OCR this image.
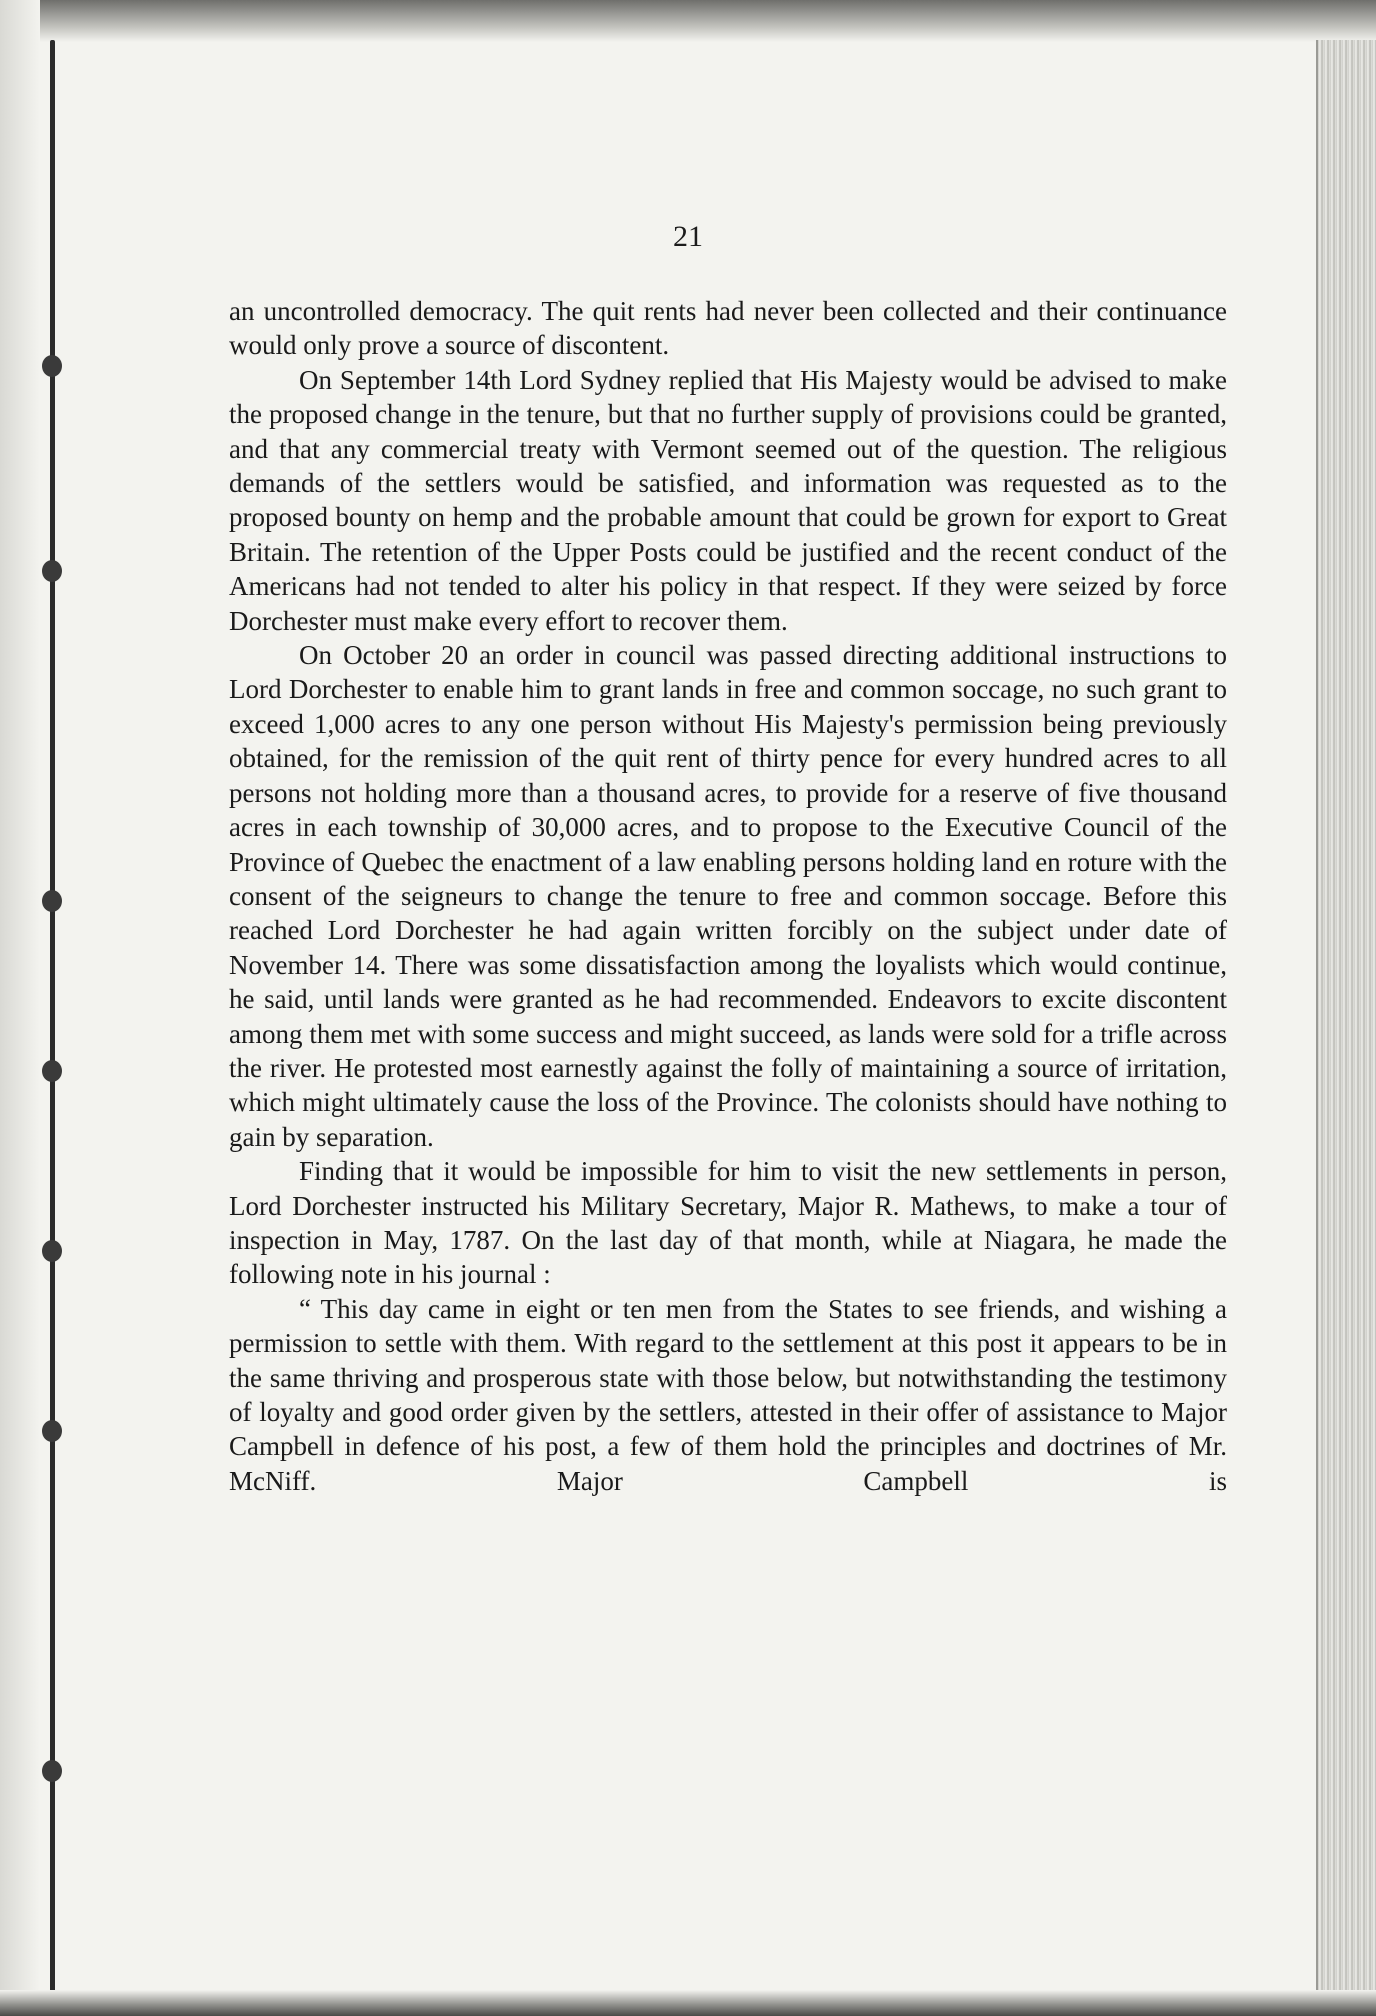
21

an uncontrolled democracy. The quit rents had never been collected and their continuance would only prove a source of discontent.

On September 14th Lord Sydney replied that His Majesty would be advised to make the proposed change in the tenure, but that no further supply of provisions could be granted, and that any commercial treaty with Vermont seemed out of the question. The religious demands of the settlers would be satisfied, and information was requested as to the proposed bounty on hemp and the probable amount that could be grown for export to Great Britain. The retention of the Upper Posts could be justified and the recent conduct of the Americans had not tended to alter his policy in that respect. If they were seized by force Dorchester must make every effort to recover them.

On October 20 an order in council was passed directing additional instructions to Lord Dorchester to enable him to grant lands in free and common soccage, no such grant to exceed 1,000 acres to any one person without His Majesty's permission being previously obtained, for the remission of the quit rent of thirty pence for every hundred acres to all persons not holding more than a thousand acres, to provide for a reserve of five thousand acres in each township of 30,000 acres, and to propose to the Executive Council of the Province of Quebec the enactment of a law enabling persons holding land en roture with the consent of the seigneurs to change the tenure to free and common soccage. Before this reached Lord Dorchester he had again written forcibly on the subject under date of November 14. There was some dissatisfaction among the loyalists which would continue, he said, until lands were granted as he had recommended. Endeavors to excite discontent among them met with some success and might succeed, as lands were sold for a trifle across the river. He protested most earnestly against the folly of maintaining a source of irritation, which might ultimately cause the loss of the Province. The colonists should have nothing to gain by separation.

Finding that it would be impossible for him to visit the new settlements in person, Lord Dorchester instructed his Military Secretary, Major R. Mathews, to make a tour of inspection in May, 1787. On the last day of that month, while at Niagara, he made the following note in his journal :

“ This day came in eight or ten men from the States to see friends, and wishing a permission to settle with them. With regard to the settlement at this post it appears to be in the same thriving and prosperous state with those below, but notwithstanding the testimony of loyalty and good order given by the settlers, attested in their offer of assistance to Major Campbell in defence of his post, a few of them hold the principles and doctrines of Mr. McNiff. Major Campbell is
